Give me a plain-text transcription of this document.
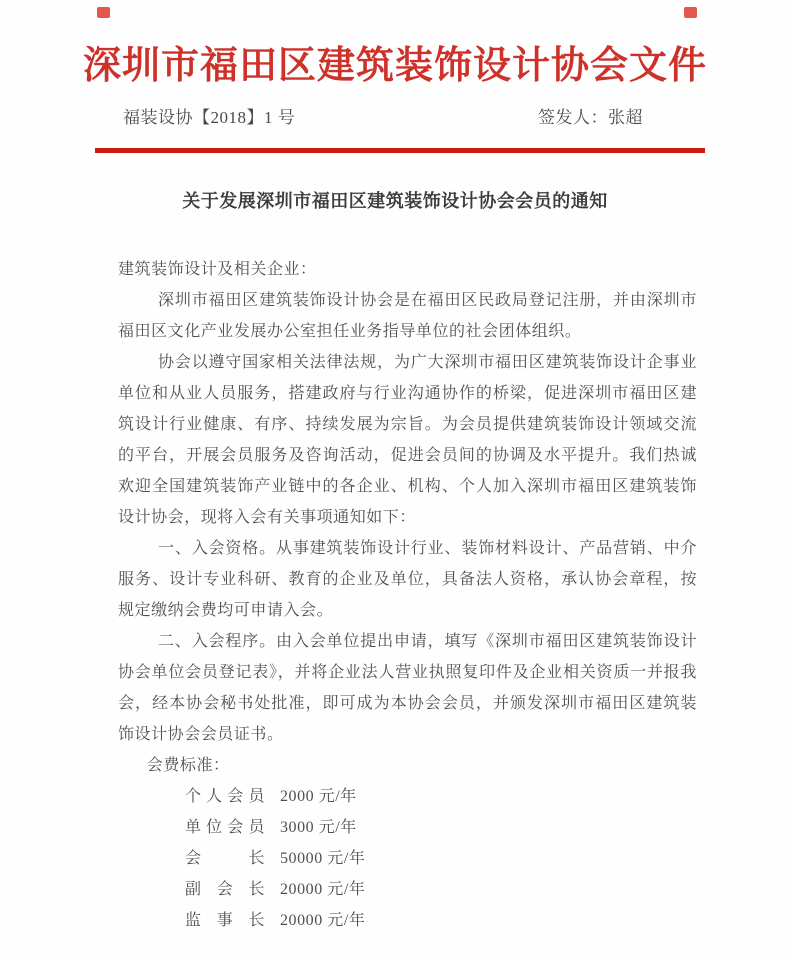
深圳市福田区建筑装饰设计协会文件
福装设协【2018】1 号	签发人：张超
关于发展深圳市福田区建筑装饰设计协会会员的通知

建筑装饰设计及相关企业：

深圳市福田区建筑装饰设计协会是在福田区民政局登记注册，并由深圳市福田区文化产业发展办公室担任业务指导单位的社会团体组织。

协会以遵守国家相关法律法规，为广大深圳市福田区建筑装饰设计企事业单位和从业人员服务，搭建政府与行业沟通协作的桥梁，促进深圳市福田区建筑设计行业健康、有序、持续发展为宗旨。为会员提供建筑装饰设计领域交流的平台，开展会员服务及咨询活动，促进会员间的协调及水平提升。我们热诚欢迎全国建筑装饰产业链中的各企业、机构、个人加入深圳市福田区建筑装饰设计协会，现将入会有关事项通知如下：

一、入会资格。从事建筑装饰设计行业、装饰材料设计、产品营销、中介服务、设计专业科研、教育的企业及单位，具备法人资格，承认协会章程，按规定缴纳会费均可申请入会。

二、入会程序。由入会单位提出申请，填写《深圳市福田区建筑装饰设计协会单位会员登记表》，并将企业法人营业执照复印件及企业相关资质一并报我会，经本协会秘书处批准，即可成为本协会会员，并颁发深圳市福田区建筑装饰设计协会会员证书。

会费标准：

个人会员 2000 元/年
单位会员 3000 元/年
会长 50000 元/年
副会长 20000 元/年
监事长 20000 元/年
